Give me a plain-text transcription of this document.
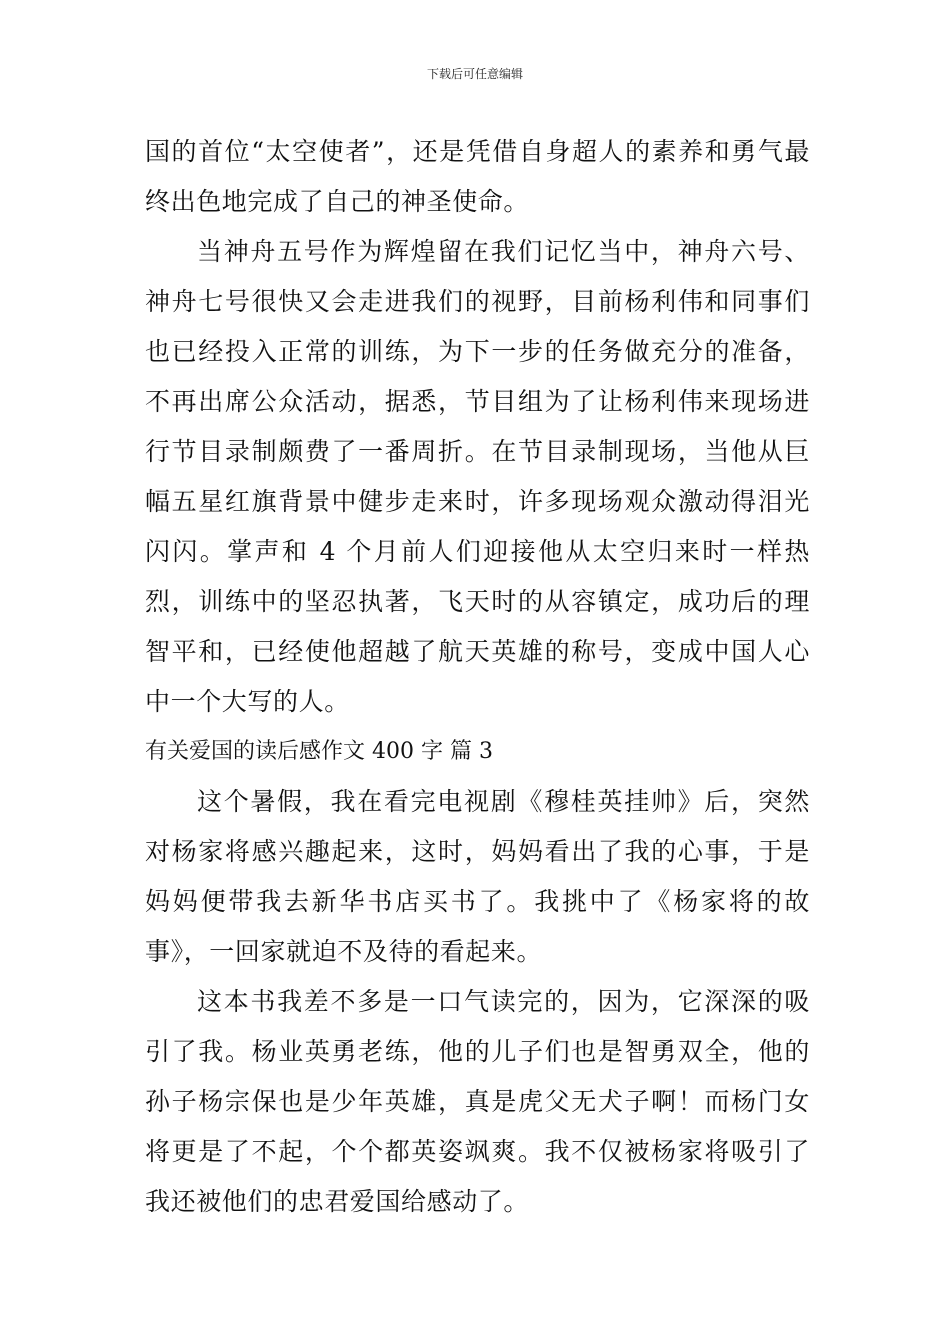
下载后可任意编辑

国的首位“太空使者”，还是凭借自身超人的素养和勇气最终出色地完成了自己的神圣使命。

当神舟五号作为辉煌留在我们记忆当中，神舟六号、神舟七号很快又会走进我们的视野，目前杨利伟和同事们也已经投入正常的训练，为下一步的任务做充分的准备，不再出席公众活动，据悉，节目组为了让杨利伟来现场进行节目录制颇费了一番周折。在节目录制现场，当他从巨幅五星红旗背景中健步走来时，许多现场观众激动得泪光闪闪。掌声和 4 个月前人们迎接他从太空归来时一样热烈，训练中的坚忍执著，飞天时的从容镇定，成功后的理智平和，已经使他超越了航天英雄的称号，变成中国人心中一个大写的人。

有关爱国的读后感作文 400 字 篇 3

这个暑假，我在看完电视剧《穆桂英挂帅》后，突然对杨家将感兴趣起来，这时，妈妈看出了我的心事，于是妈妈便带我去新华书店买书了。我挑中了《杨家将的故事》，一回家就迫不及待的看起来。

这本书我差不多是一口气读完的，因为，它深深的吸引了我。杨业英勇老练，他的儿子们也是智勇双全，他的孙子杨宗保也是少年英雄，真是虎父无犬子啊！而杨门女将更是了不起，个个都英姿飒爽。我不仅被杨家将吸引了我还被他们的忠君爱国给感动了。
